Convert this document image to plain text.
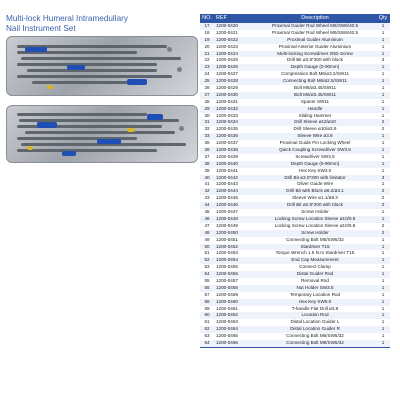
Multi-lock Humeral Intramedullary
Nail Instrument Set
NO. REF	Description	Qty
17	1200-0420	Proximal Guider Rod Wheel M6/SW6/40.5	1
18	1200-0421	Proximal Guider Rod Wheel M6/SW6/40.5	1
19	1200-0422	Proximal Guider Aluminium	1
20	1200-0423	Proximal Anterior Guider Aluminium	1
21	1200-0424	Multi-locking Screwdriver 2ND Screw	1
22	1200-0425	Drill Bit ø3.8*300 with block	3
23	1200-0426	Depth Gauge (0-90mm)	1
24	1200-0427	Compression Bolt M6/ø3.2/SW11	1
25	1200-0428	Connecting Bolt M6/ø2.5/SW11	1
26	1200-0429	Bolt M6/ø3.45/SW11	1
27	1200-0430	Bolt M6/ø3.45/SW11	1
28	1200-0431	Spaner SW11	1
29	1200-0432	Handle	1
30	1200-0433	Sliding Hammer	1
31	1200-0434	Drill Sleeve ø13/ø10	2
32	1200-0435	Drill Sleeve ø10/ø3.9	2
33	1200-0436	Sleeve Wire ø3.8	1
35	1200-0437	Proximal Guide Pin Locking Wheel	1
36	1200-0438	Quick Coupling Screwdriver SW3.5	1
37	1200-0439	Screwdriver SW3.5	1
38	1200-0440	Depth Gauge (0-90mm)	1
39	1200-0441	Hex Key SW3.0	1
40	1200-0442	Drill Bit ø3.0*300 with limitator	3
41	1200-0443	Oliver Guide Wire	1
42	1200-0444	Drill Bit with Block ø8.2/ø3.1	2
43	1200-0445	Sleeve Wire ø1.1/ø8.3	2
44	1200-0446	Drill Bit ø2.8*200 with block	2
45	1200-0447	Screw Holder	1
46	1200-0448	Locking Screw Location Sleeve ø10/5.8	1
47	1200-0449	Locking Screw Location Sleeve ø10/5.8	2
48	1200-0450	Screw Holder	2
49	1200-0451	Connecting Bolt M5/SW5/32	1
50	1200-0452	Stardriver T15	1
51	1200-0453	Torque Wrench 1.5 N.m Stardriver T15	1
52	1200-0454	End Cap Measurement	1
53	1200-0455	Connect Clamp	1
54	1200-0456	Distal Guider Rod	1
55	1200-0457	Removal Rod	1
56	1200-0458	Nut Holder SW3.5	1
57	1200-0459	Temporary Location Rod	1
58	1200-0460	Hex Key SW5.0	1
59	1200-0461	T-handle Flat Drill ø3.8	1
60	1200-0462	Location Rod	1
61	1200-0463	Distal Location Guider L	1
62	1200-0464	Distal Location Guider R	1
63	1200-0465	Connecting Bolt M6/SW5/32	1
64	1200-0466	Connecting Bolt M9/SW5/32	1
